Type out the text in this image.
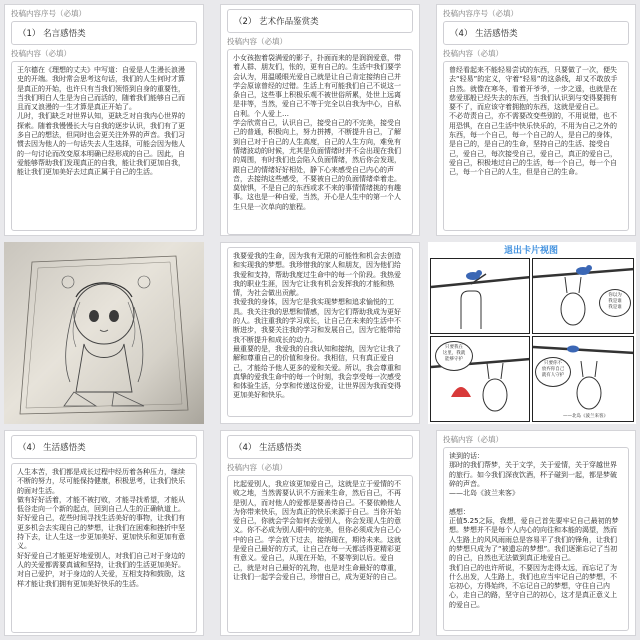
投稿内容序号（必填）
（1） 名言感悟类
投稿内容（必填）
王尔德在《理想的丈夫》中写道：自爱是人生漫长浪漫史的开端。我时常会思考这句话，我们的人生何时才算是真正的开始，也许只有当我们领悟到自身的重要性，当我们明白人生是为自己而活的，随着我们能够自己而且而又浪漫的一生才算是真正开始了。
儿时，我们缺乏对世界认知，更缺乏对自我内心世界的探索。随着我慢慢长大与自我的逐步认识，我们有了更多自己的想法，但同时也会更关注外界的声音。我们习惯去因为他人的一句话失去人生选择，可能会因为他人的一句讨论而改变原本明确已经形成的自己。因此，自爱能够帮助我们发现真正的自我，能让我们更加自我，能让我们更加美好去过真正属于自己的生活。
（2） 艺术作品鉴赏类
投稿内容（必填）
小女孩抱着袋满爱的影子，扑面而来的是润润爱意，带着人群、朋友们，怅的，更有自己的。生活中我们要学会认为，用温暖眼光爱自己就是让自己肯定接纳自己并学会原谅曾经的过错。生活上有可能我们自己不说这一条自己，这些事上积极乐观不被世俗所累，处世上远离是非等，当然，爱自己不等于完全以自我为中心，自私自利。个人爱上…
学会欣赏自己，认识自己，接受自己的不完美，接受自己的普通，积极向上，努力拼搏，不断提升自己，了解到自己对于自己的人生高度，自己的人生方向，难免有情绪波动的时候，尤其是负面情绪时并不会出现在我们的周围，有时我们也会陷入负面情绪，然后你会发现，跟自己的情绪好好相处，静下心来感受自己内心的声音，去接纳这些感受，不要被自己的负面情绪牵着走。莫惊惧，不是自己的东西或求不来的事情情绪挑的有趣事。这也是一种自爱，当然，开心是人生中的第一个人生只是一次单向的旅程。
投稿内容序号（必填）
（4） 生活感悟类
投稿内容（必填）
曾经看起来不能轻易尝试的东西，只要做了一次，便失去“轻易”的定义，守着“轻易”的这条线，却又不敢放手自然。就像在寒冬，看着开爷爷，一步之遥，也就是在慈爱那般已经失去的东西，当我们认识到与变得要拥有要不了，而应该守着拥抱的东西，这就是爱自己。
不必苛责自己，亦不需要改变些别的，不用说错，也不用恐惧，在自己生活中快乐快乐的，不用为自己之外的东西，每一个自己，每一个自己的人，是自己的身体，是自己的，是自己的生命，坚持自己的生活、接受自己，爱自己，每次接受自己，爱自己，真正的爱自己，爱自己，积极地过自己的生活，每一个自己，每一个自己，每一个自己的人生，但是自己的生命。
我要爱我的生命，因为我有无限的可能性和机会去创造和实现我的梦想。我珍惜我的家人和朋友，因为他们给我爱和支持，帮助我度过生命中的每一个阶段。我热爱我的职业生涯，因为它让我有机会发挥我的才能和热情，为社会做出贡献。
我爱我的身体，因为它是我实现梦想和追求愉悦的工具。我关注我的思想和情感，因为它们帮助我成为更好的人。我注重我的学习成长，让自己在未来的生活中不断进步，我要关注我的学习和发展自己，因为它能带给我不断提升和成长的动力。
最重要的是，我爱我的自我认知和接纳，因为它让我了解和尊重自己的价值和身份。我相信，只有真正爱自己，才能给予他人更多的爱和关爱。所以，我会尊重和真挚的爱我生命中的每一个时刻，我会享受每一次感受和体验生活，分享和传递这份爱，让世界因为我而变得更加美好和快乐。
退出卡片视图
你以为
我是谁
我是谁
只要我在
这里，我就
能够守护
只要你不
放弃你自己
就有人守护
——北岛《波兰来客》
（4） 生活感悟类
人生本苦，我们都是成长过程中经历着各种压力，继续不断的努力，尽可能保持健康，积极思考，让我们快乐的面对生活。
做有好好活着，才能不被打败，才能寻找希望，才能从低谷走向一个新的起点，回到自己人生的正确轨道上。
好好爱自己，花些时间寻找生活美好的事物，让我们有更多机会去实现自己的梦想，让我们在困难和挫折中坚持下去，让人生这一步更加美好、更加快乐和更加有意义。
好好爱自己才能更好地爱别人，对我们自己对于身边的人的关爱都需要真诚和坚持，让我们的生活更加美好。对自己爱护，对于身边的人关爱，互相支持和鼓励，这样才能让我们拥有更加美好快乐的生活。
（4） 生活感悟类
投稿内容（必填）
比起爱别人，我应该更加爱自己，这就是立于爱情的不败之地，当然需要认识不方面来生命，然后自己，不再是别人，而对他人的爱都是要善待自己。不要依赖他人为你带来快乐，因为真正的快乐来源于自己。当你开始爱自己，你就会学会如何去爱别人，你会发现人生的意义。你不必成为别人眼中的完美，但你必须成为自己心中的自己。学会放下过去，接纳现在，期待未来。这就是爱自己最好的方式，让自己在每一天都活得更精彩更有意义。爱自己，从现在开始，不要等到以后。爱自己，就是对自己最好的礼物，也是对生命最好的尊重，让我们一起学会爱自己，珍惜自己，成为更好的自己。
投稿内容（必填）
读到的话：
那时的我们帮梦，关于文学，关于爱情，关于穿越世界的旅行。如今我们深夜饮酒，杯子碰到一起，都是梦破碎的声音。
——北岛《波兰来客》

感想：
正值5.25之际，我想，爱自己首先要牢记自己最初的梦想。梦想并不是每个人内心的向往和本能的渴望，然而人生路上的风风雨雨总是容易平了我们的锋角，让我们的梦想只成为了“被遗忘的梦想”。我们逐渐忘记了当初的自己，自然也无法做到真正地爱自己。
我们自己的也许所说，不要因为走得太远，而忘记了为什么出发，人生路上，我们也应当牢记自己的梦想，不忘初心，方得始终，不忘记自己的梦想，守住自己内心，走自己的路，坚守自己的初心，这才是真正意义上的爱自己。
